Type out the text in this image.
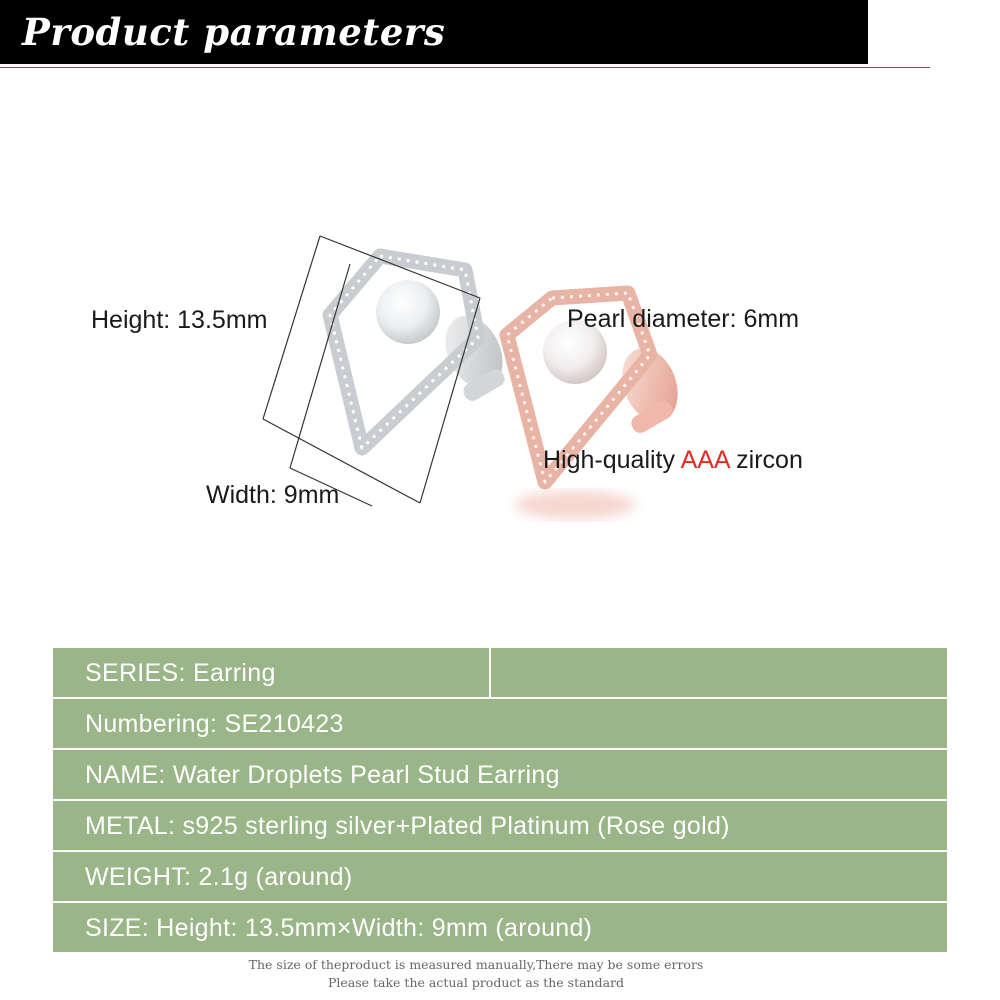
Product parameters
Height: 13.5mm
Width: 9mm
Pearl diameter: 6mm
High-quality AAA zircon
SERIES: Earring
Numbering: SE210423
NAME: Water Droplets Pearl Stud Earring
METAL: s925 sterling silver+Plated Platinum (Rose gold)
WEIGHT: 2.1g (around)
SIZE: Height: 13.5mm×Width: 9mm (around)
The size of theproduct is measured manually,There may be some errors
Please take the actual product as the standard
